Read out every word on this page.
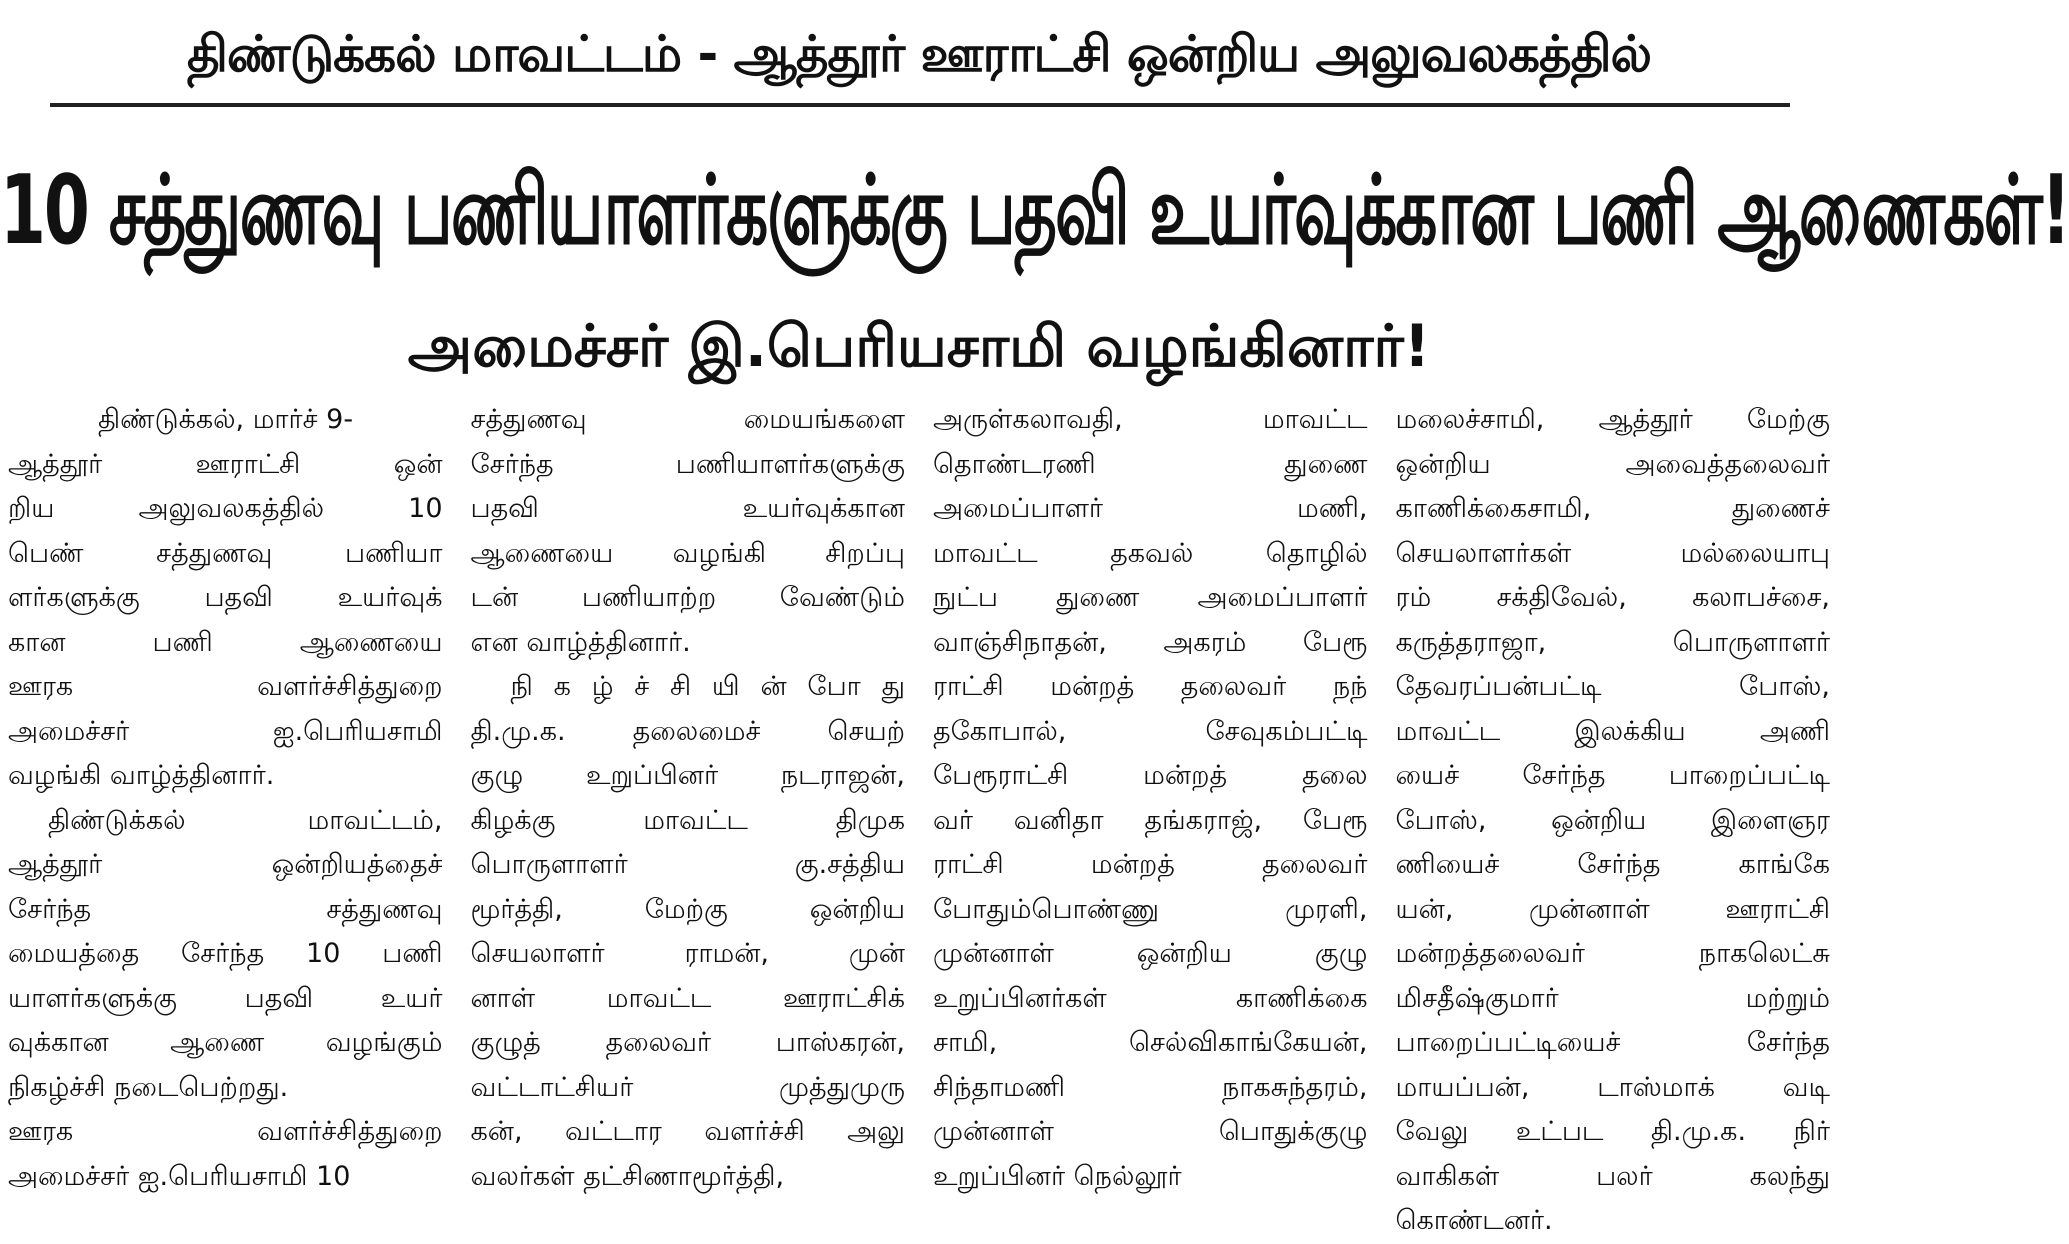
திண்டுக்கல் மாவட்டம் - ஆத்தூர் ஊராட்சி ஒன்றிய அலுவலகத்தில்
10 சத்துணவு பணியாளர்களுக்கு பதவி உயர்வுக்கான பணி ஆணைகள்!
அமைச்சர் இ.பெரியசாமி வழங்கினார்!
திண்டுக்கல், மார்ச் 9-
ஆத்தூர் ஊராட்சி ஒன்
றிய அலுவலகத்தில் 10
பெண் சத்துணவு பணியா
ளர்களுக்கு பதவி உயர்வுக்
கான பணி ஆணையை
ஊரக வளர்ச்சித்துறை
அமைச்சர் ஐ.பெரியசாமி
வழங்கி வாழ்த்தினார்.
திண்டுக்கல் மாவட்டம்,
ஆத்தூர் ஒன்றியத்தைச்
சேர்ந்த சத்துணவு
மையத்தை சேர்ந்த 10 பணி
யாளர்களுக்கு பதவி உயர்
வுக்கான ஆணை வழங்கும்
நிகழ்ச்சி நடைபெற்றது.
ஊரக வளர்ச்சித்துறை
அமைச்சர் ஐ.பெரியசாமி 10
சத்துணவு மையங்களை
சேர்ந்த பணியாளர்களுக்கு
பதவி உயர்வுக்கான
ஆணையை வழங்கி சிறப்பு
டன் பணியாற்ற வேண்டும்
என வாழ்த்தினார்.
நி க ழ் ச் சி யி ன் போ து
தி.மு.க. தலைமைச் செயற்
குழு உறுப்பினர் நடராஜன்,
கிழக்கு மாவட்ட திமுக
பொருளாளர் கு.சத்திய
மூர்த்தி, மேற்கு ஒன்றிய
செயலாளர் ராமன், முன்
னாள் மாவட்ட ஊராட்சிக்
குழுத் தலைவர் பாஸ்கரன்,
வட்டாட்சியர் முத்துமுரு
கன், வட்டார வளர்ச்சி அலு
வலர்கள் தட்சிணாமூர்த்தி,
அருள்கலாவதி, மாவட்ட
தொண்டரணி துணை
அமைப்பாளர் மணி,
மாவட்ட தகவல் தொழில்
நுட்ப துணை அமைப்பாளர்
வாஞ்சிநாதன், அகரம் பேரூ
ராட்சி மன்றத் தலைவர் நந்
தகோபால், சேவுகம்பட்டி
பேரூராட்சி மன்றத் தலை
வர் வனிதா தங்கராஜ், பேரூ
ராட்சி மன்றத் தலைவர்
போதும்பொண்ணு முரளி,
முன்னாள் ஒன்றிய குழு
உறுப்பினர்கள் காணிக்கை
சாமி, செல்விகாங்கேயன்,
சிந்தாமணி நாகசுந்தரம்,
முன்னாள் பொதுக்குழு
உறுப்பினர் நெல்லூர்
மலைச்சாமி, ஆத்தூர் மேற்கு
ஒன்றிய அவைத்தலைவர்
காணிக்கைசாமி, துணைச்
செயலாளர்கள் மல்லையாபு
ரம் சக்திவேல், கலாபச்சை,
கருத்தராஜா, பொருளாளர்
தேவரப்பன்பட்டி போஸ்,
மாவட்ட இலக்கிய அணி
யைச் சேர்ந்த பாறைப்பட்டி
போஸ், ஒன்றிய இளைஞர
ணியைச் சேர்ந்த காங்கே
யன், முன்னாள் ஊராட்சி
மன்றத்தலைவர் நாகலெட்சு
மிசதீஷ்குமார் மற்றும்
பாறைப்பட்டியைச் சேர்ந்த
மாயப்பன், டாஸ்மாக் வடி
வேலு உட்பட தி.மு.க. நிர்
வாகிகள் பலர் கலந்து
கொண்டனர்.
